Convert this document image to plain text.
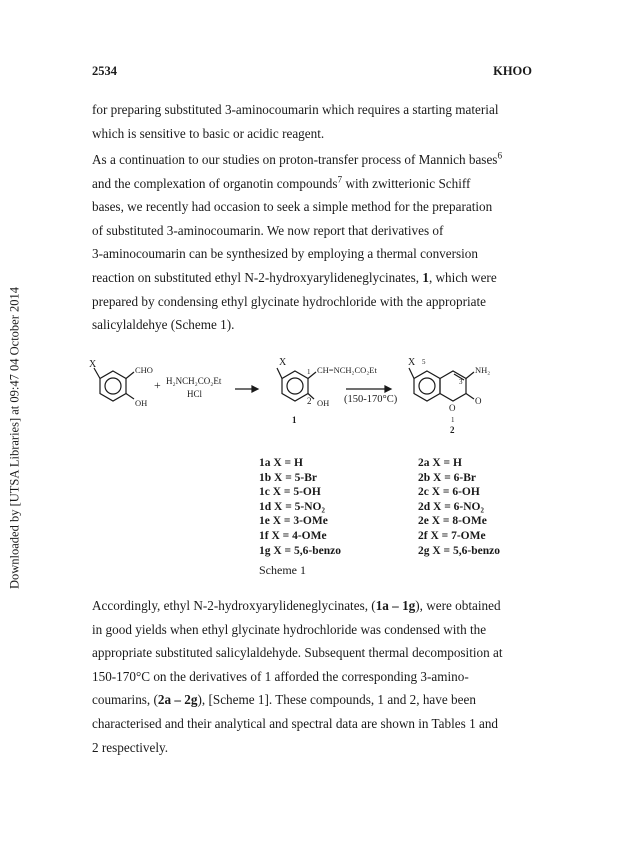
Downloaded by [UTSA Libraries] at 09:47 04 October 2014
2534	KHOO

for preparing substituted 3-aminocoumarin which requires a starting material
which is sensitive to basic or acidic reagent.

As a continuation to our studies on proton-transfer process of Mannich bases$^6$
and the complexation of organotin compounds$^7$ with zwitterionic Schiff
bases, we recently had occasion to seek a simple method for the preparation
of substituted 3-aminocoumarin. We now report that derivatives of
3-aminocoumarin can be synthesized by employing a thermal conversion
reaction on substituted ethyl N-2-hydroxyarylideneglycinates, 1, which were
prepared by condensing ethyl glycinate hydrochloride with the appropriate
salicylaldehye (Scheme 1).

X	CHO
OH
+ H₂NCH₂CO₂Et
HCl
X
1 CH=NCH₂CO₂Et
2 OH
1
(150-170°C)
X 5
3
NH₂
O
O
1
2
1a X = H
1b X = 5-Br
1c X = 5-OH
1d X = 5-NO₂
1e X = 3-OMe
1f X = 4-OMe
1g X = 5,6-benzo
2a X = H
2b X = 6-Br
2c X = 6-OH
2d X = 6-NO₂
2e X = 8-OMe
2f X = 7-OMe
2g X = 5,6-benzo
Scheme 1

Accordingly, ethyl N-2-hydroxyarylideneglycinates, (1a – 1g), were obtained
in good yields when ethyl glycinate hydrochloride was condensed with the
appropriate substituted salicylaldehyde. Subsequent thermal decomposition at
150-170°C on the derivatives of 1 afforded the corresponding 3-amino-
coumarins, (2a – 2g), [Scheme 1]. These compounds, 1 and 2, have been
characterised and their analytical and spectral data are shown in Tables 1 and
2 respectively.
